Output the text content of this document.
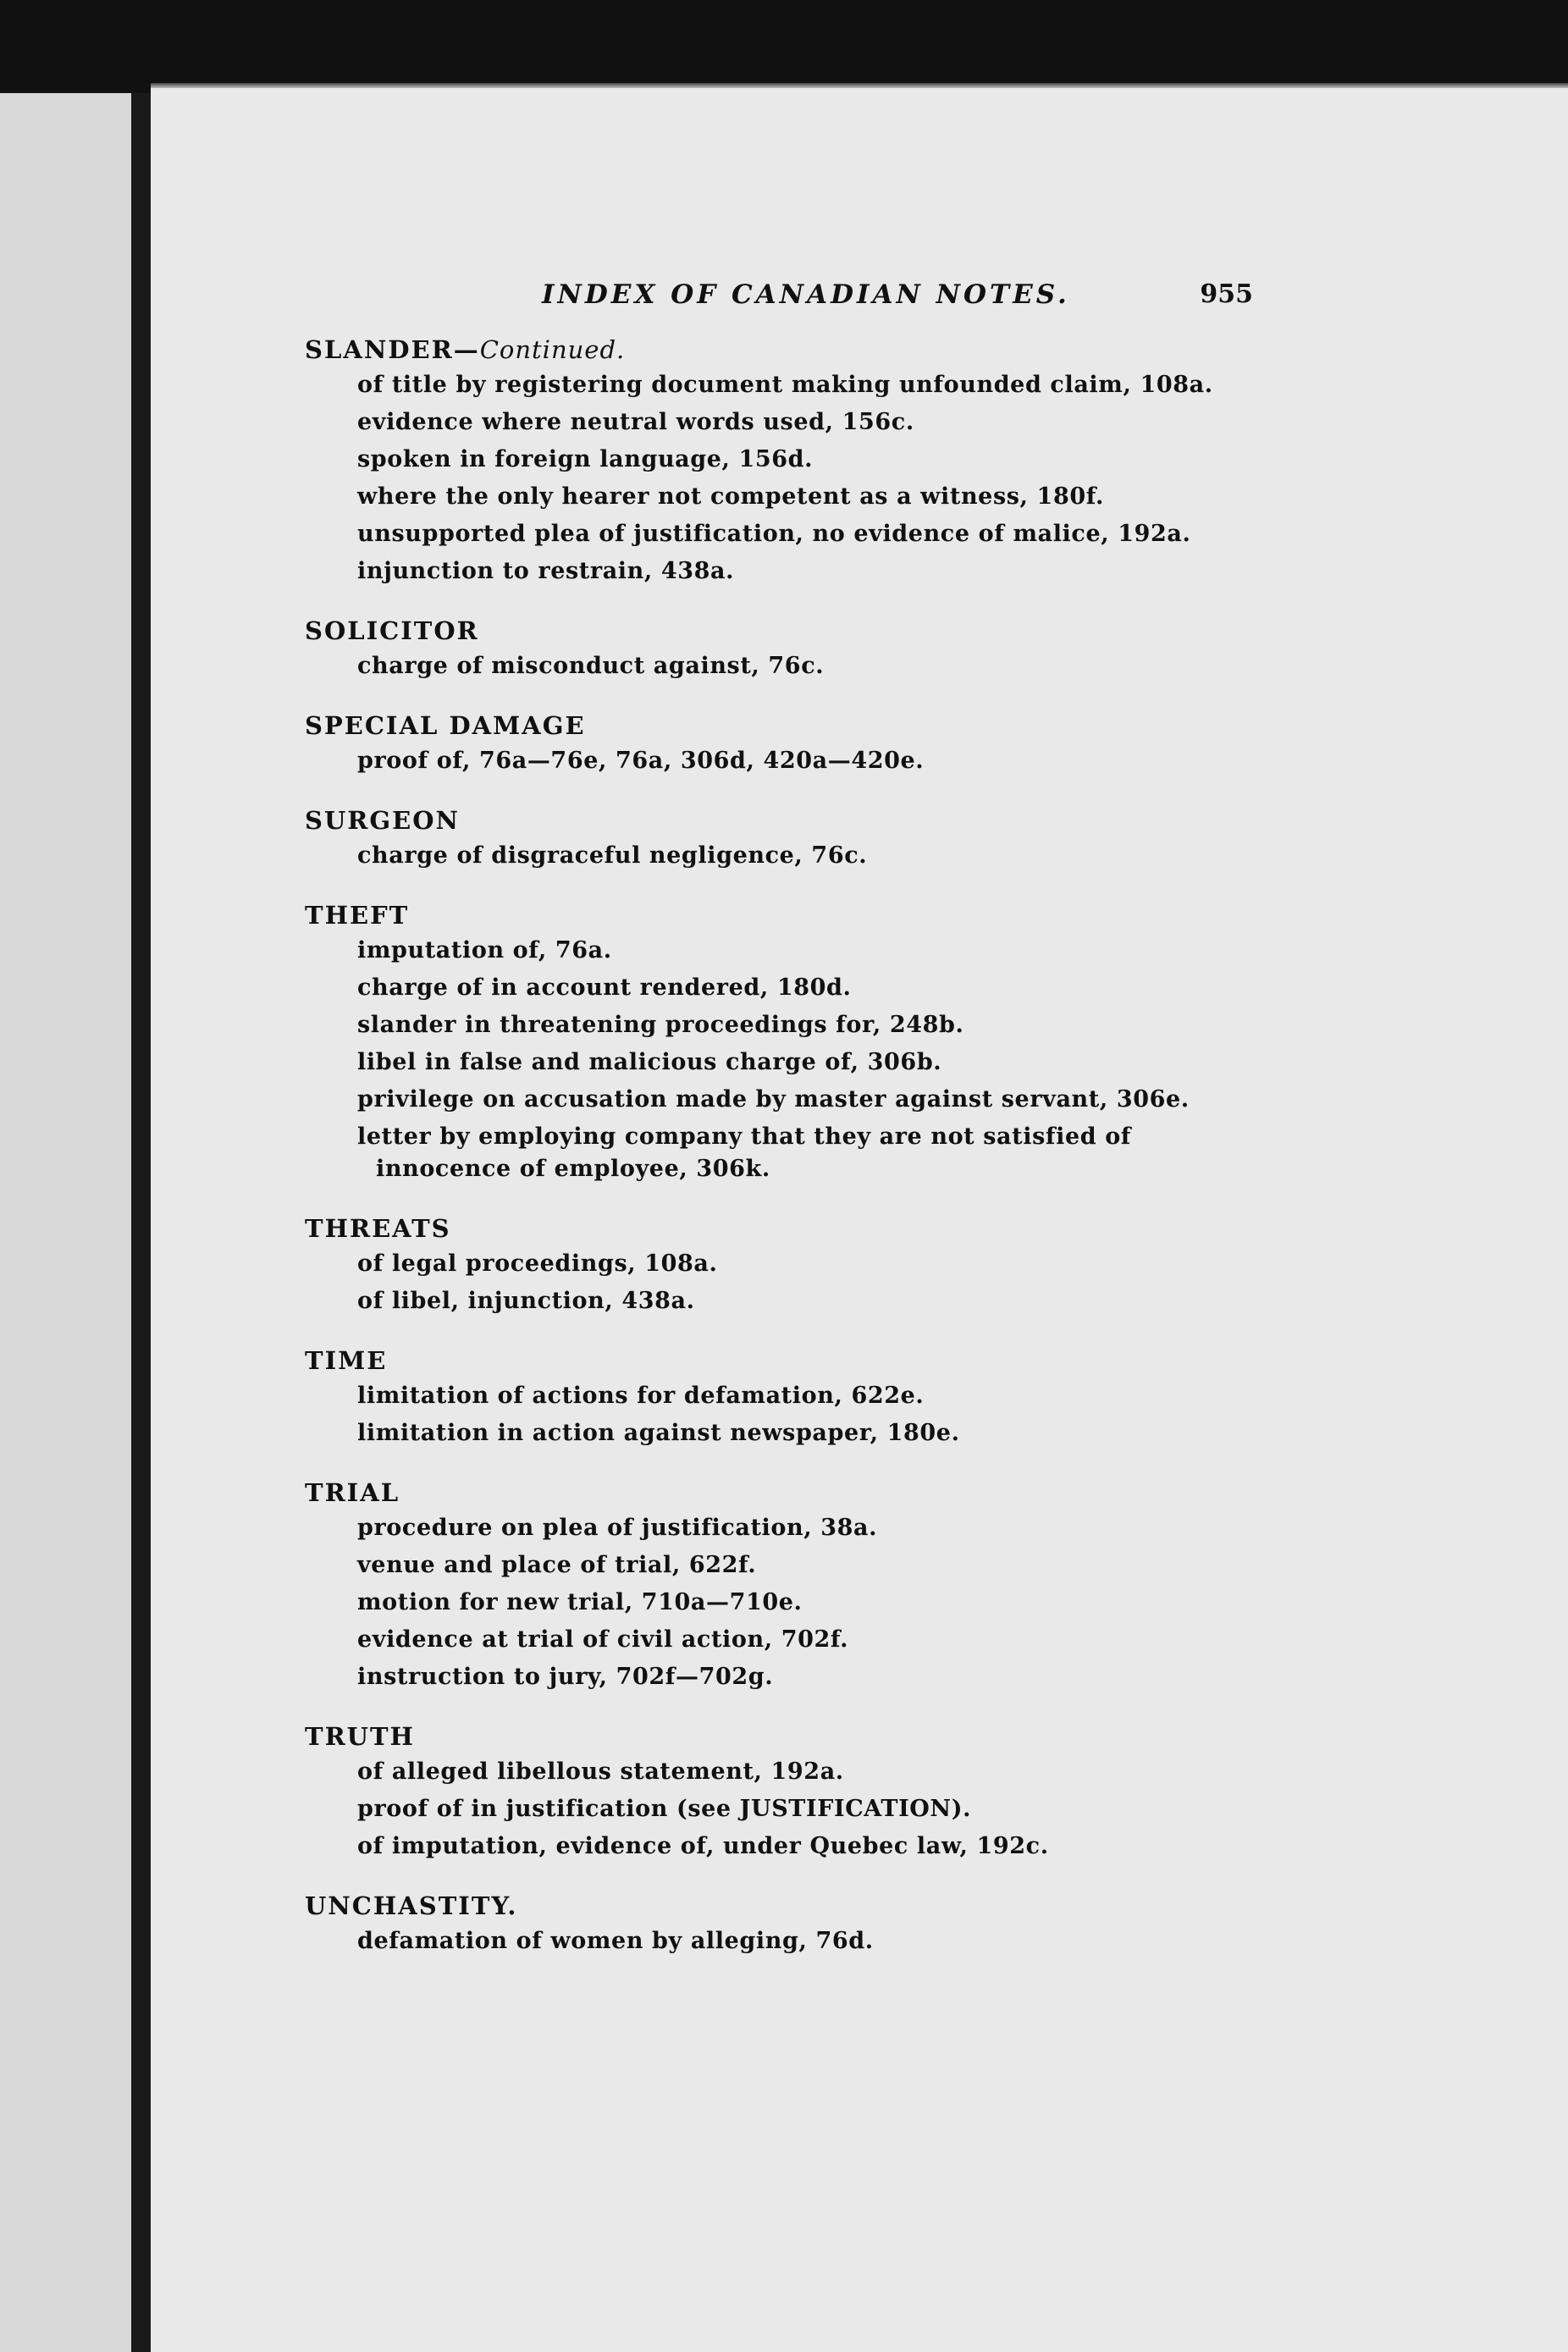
INDEX OF CANADIAN NOTES.	955
SLANDER—Continued.
of title by registering document making unfounded claim, 108a.
evidence where neutral words used, 156c.
spoken in foreign language, 156d.
where the only hearer not competent as a witness, 180f.
unsupported plea of justification, no evidence of malice, 192a.
injunction to restrain, 438a.
SOLICITOR
charge of misconduct against, 76c.
SPECIAL DAMAGE
proof of, 76a—76e, 76a, 306d, 420a—420e.
SURGEON
charge of disgraceful negligence, 76c.
THEFT
imputation of, 76a.
charge of in account rendered, 180d.
slander in threatening proceedings for, 248b.
libel in false and malicious charge of, 306b.
privilege on accusation made by master against servant, 306e.
letter by employing company that they are not satisfied of innocence of employee, 306k.
THREATS
of legal proceedings, 108a.
of libel, injunction, 438a.
TIME
limitation of actions for defamation, 622e.
limitation in action against newspaper, 180e.
TRIAL
procedure on plea of justification, 38a.
venue and place of trial, 622f.
motion for new trial, 710a—710e.
evidence at trial of civil action, 702f.
instruction to jury, 702f—702g.
TRUTH
of alleged libellous statement, 192a.
proof of in justification (see JUSTIFICATION).
of imputation, evidence of, under Quebec law, 192c.
UNCHASTITY.
defamation of women by alleging, 76d.
